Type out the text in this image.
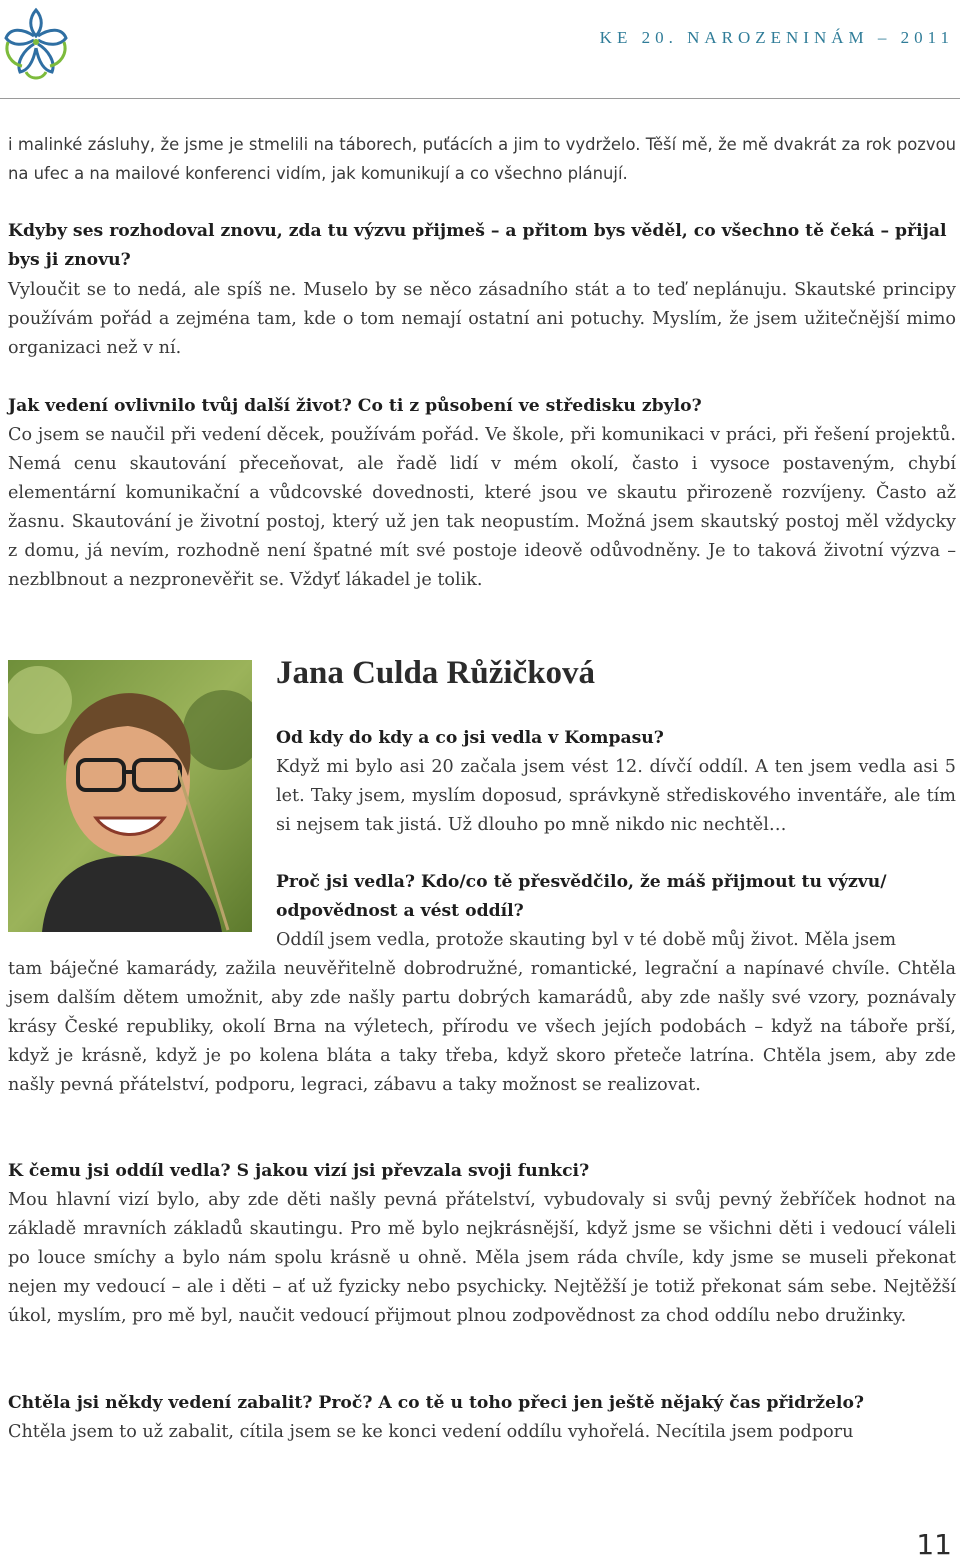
KE 20. NAROZENINÁM – 2011

i malinké zásluhy, že jsme je stmelili na táborech, puťácích a jim to vydrželo. Těší mě, že mě dvakrát za rok pozvou na ufec a na mailové konferenci vidím, jak komunikují a co všechno plánují.

Kdyby ses rozhodoval znovu, zda tu výzvu přijmeš – a přitom bys věděl, co všechno tě čeká – přijal bys ji znovu?

Vyloučit se to nedá, ale spíš ne. Muselo by se něco zásadního stát a to teď neplánuju. Skautské principy používám pořád a zejména tam, kde o tom nemají ostatní ani potuchy. Myslím, že jsem užitečnější mimo organizaci než v ní.

Jak vedení ovlivnilo tvůj další život? Co ti z působení ve středisku zbylo?

Co jsem se naučil při vedení děcek, používám pořád. Ve škole, při komunikaci v práci, při řešení projektů. Nemá cenu skautování přeceňovat, ale řadě lidí v mém okolí, často i vysoce postaveným, chybí elementární komunikační a vůdcovské dovednosti, které jsou ve skautu přirozeně rozvíjeny. Často až žasnu. Skautování je životní postoj, který už jen tak neopustím. Možná jsem skautský postoj měl vždycky z domu, já nevím, rozhodně není špatné mít své postoje ideově odůvodněny. Je to taková životní výzva – nezblbnout a nezpronevěřit se. Vždyť lákadel je tolik.

Jana Culda Růžičková

Od kdy do kdy a co jsi vedla v Kompasu?

Když mi bylo asi 20 začala jsem vést 12. dívčí oddíl. A ten jsem vedla asi 5 let. Taky jsem, myslím doposud, správkyně střediskového inventáře, ale tím si nejsem tak jistá. Už dlouho po mně nikdo nic nechtěl…

Proč jsi vedla? Kdo/co tě přesvědčilo, že máš přijmout tu výzvu/ odpovědnost a vést oddíl?

Oddíl jsem vedla, protože skauting byl v té době můj život. Měla jsem

tam báječné kamarády, zažila neuvěřitelně dobrodružné, romantické, legrační a napínavé chvíle. Chtěla jsem dalším dětem umožnit, aby zde našly partu dobrých kamarádů, aby zde našly své vzory, poznávaly krásy České republiky, okolí Brna na výletech, přírodu ve všech jejích podobách – když na táboře prší, když je krásně, když je po kolena bláta a taky třeba, když skoro přeteče latrína. Chtěla jsem, aby zde našly pevná přátelství, podporu, legraci, zábavu a taky možnost se realizovat.

K čemu jsi oddíl vedla? S jakou vizí jsi převzala svoji funkci?

Mou hlavní vizí bylo, aby zde děti našly pevná přátelství, vybudovaly si svůj pevný žebříček hodnot na základě mravních základů skautingu. Pro mě bylo nejkrásnější, když jsme se všichni děti i vedoucí váleli po louce smíchy a bylo nám spolu krásně u ohně. Měla jsem ráda chvíle, kdy jsme se museli překonat nejen my vedoucí – ale i děti – ať už fyzicky nebo psychicky. Nejtěžší je totiž překonat sám sebe. Nejtěžší úkol, myslím, pro mě byl, naučit vedoucí přijmout plnou zodpovědnost za chod oddílu nebo družinky.

Chtěla jsi někdy vedení zabalit? Proč? A co tě u toho přeci jen ještě nějaký čas přidrželo?

Chtěla jsem to už zabalit, cítila jsem se ke konci vedení oddílu vyhořelá. Necítila jsem podporu

11
